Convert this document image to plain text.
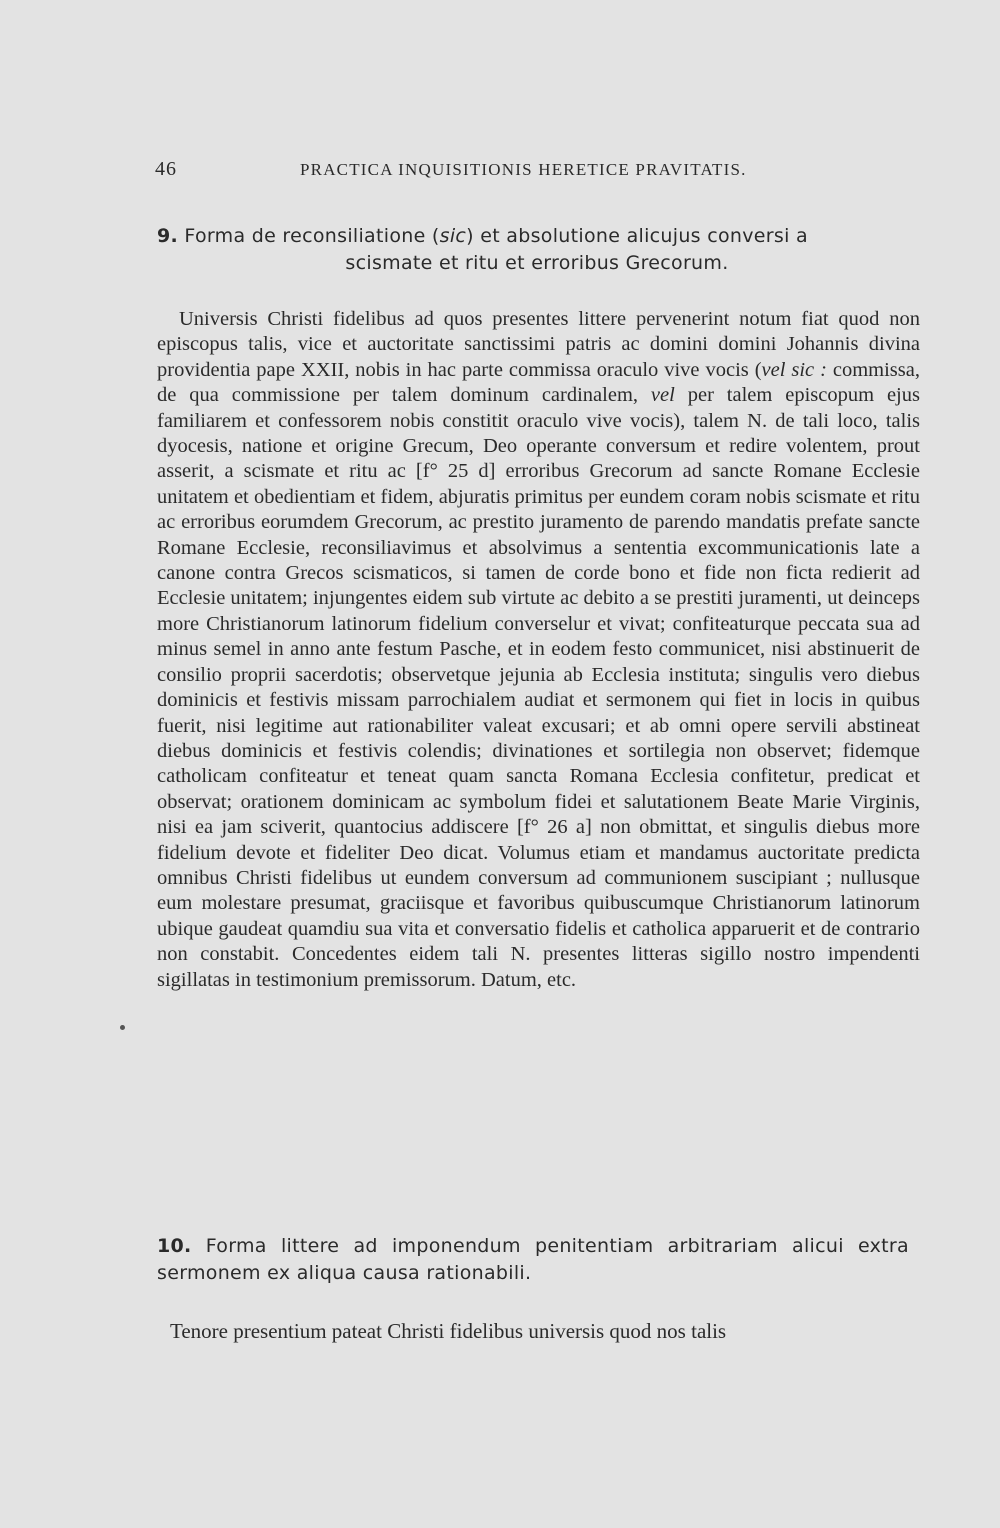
46	PRACTICA INQUISITIONIS HERETICE PRAVITATIS.
9. Forma de reconsiliatione (sic) et absolutione alicujus conversi a
scismate et ritu et erroribus Grecorum.

Universis Christi fidelibus ad quos presentes littere pervenerint notum fiat quod non episcopus talis, vice et auctoritate sanctissimi patris ac domini domini Johannis divina providentia pape XXII, nobis in hac parte commissa oraculo vive vocis (vel sic : commissa, de qua commissione per talem dominum cardinalem, vel per talem episcopum ejus familiarem et confessorem nobis constitit oraculo vive vocis), talem N. de tali loco, talis dyocesis, natione et origine Grecum, Deo operante conversum et redire volentem, prout asserit, a scismate et ritu ac [f° 25 d] erroribus Grecorum ad sancte Romane Ecclesie unitatem et obedientiam et fidem, abjuratis primitus per eundem coram nobis scismate et ritu ac erroribus eorumdem Grecorum, ac prestito juramento de parendo mandatis prefate sancte Romane Ecclesie, reconsiliavimus et absolvimus a sententia excommunicationis late a canone contra Grecos scismaticos, si tamen de corde bono et fide non ficta redierit ad Ecclesie unitatem; injungentes eidem sub virtute ac debito a se prestiti juramenti, ut deinceps more Christianorum latinorum fidelium converselur et vivat; confiteaturque peccata sua ad minus semel in anno ante festum Pasche, et in eodem festo communicet, nisi abstinuerit de consilio proprii sacerdotis; observetque jejunia ab Ecclesia instituta; singulis vero diebus dominicis et festivis missam parrochialem audiat et sermonem qui fiet in locis in quibus fuerit, nisi legitime aut rationabiliter valeat excusari; et ab omni opere servili abstineat diebus dominicis et festivis colendis; divinationes et sortilegia non observet; fidemque catholicam confiteatur et teneat quam sancta Romana Ecclesia confitetur, predicat et observat; orationem dominicam ac symbolum fidei et salutationem Beate Marie Virginis, nisi ea jam sciverit, quantocius addiscere [f° 26 a] non obmittat, et singulis diebus more fidelium devote et fideliter Deo dicat. Volumus etiam et mandamus auctoritate predicta omnibus Christi fidelibus ut eundem conversum ad communionem suscipiant ; nullusque eum molestare presumat, graciisque et favoribus quibuscumque Christianorum latinorum ubique gaudeat quamdiu sua vita et conversatio fidelis et catholica apparuerit et de contrario non constabit. Concedentes eidem tali N. presentes litteras sigillo nostro impendenti sigillatas in testimonium premissorum. Datum, etc.

10. Forma littere ad imponendum penitentiam arbitrariam alicui extra sermonem ex aliqua causa rationabili.

Tenore presentium pateat Christi fidelibus universis quod nos talis
